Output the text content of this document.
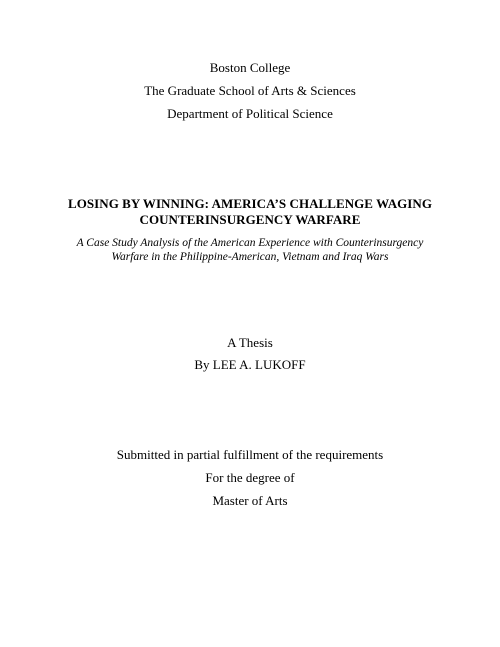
Boston College
The Graduate School of Arts & Sciences
Department of Political Science
LOSING BY WINNING: AMERICA’S CHALLENGE WAGING
COUNTERINSURGENCY WARFARE
A Case Study Analysis of the American Experience with Counterinsurgency
Warfare in the Philippine-American, Vietnam and Iraq Wars
A Thesis
By LEE A. LUKOFF
Submitted in partial fulfillment of the requirements
For the degree of
Master of Arts
